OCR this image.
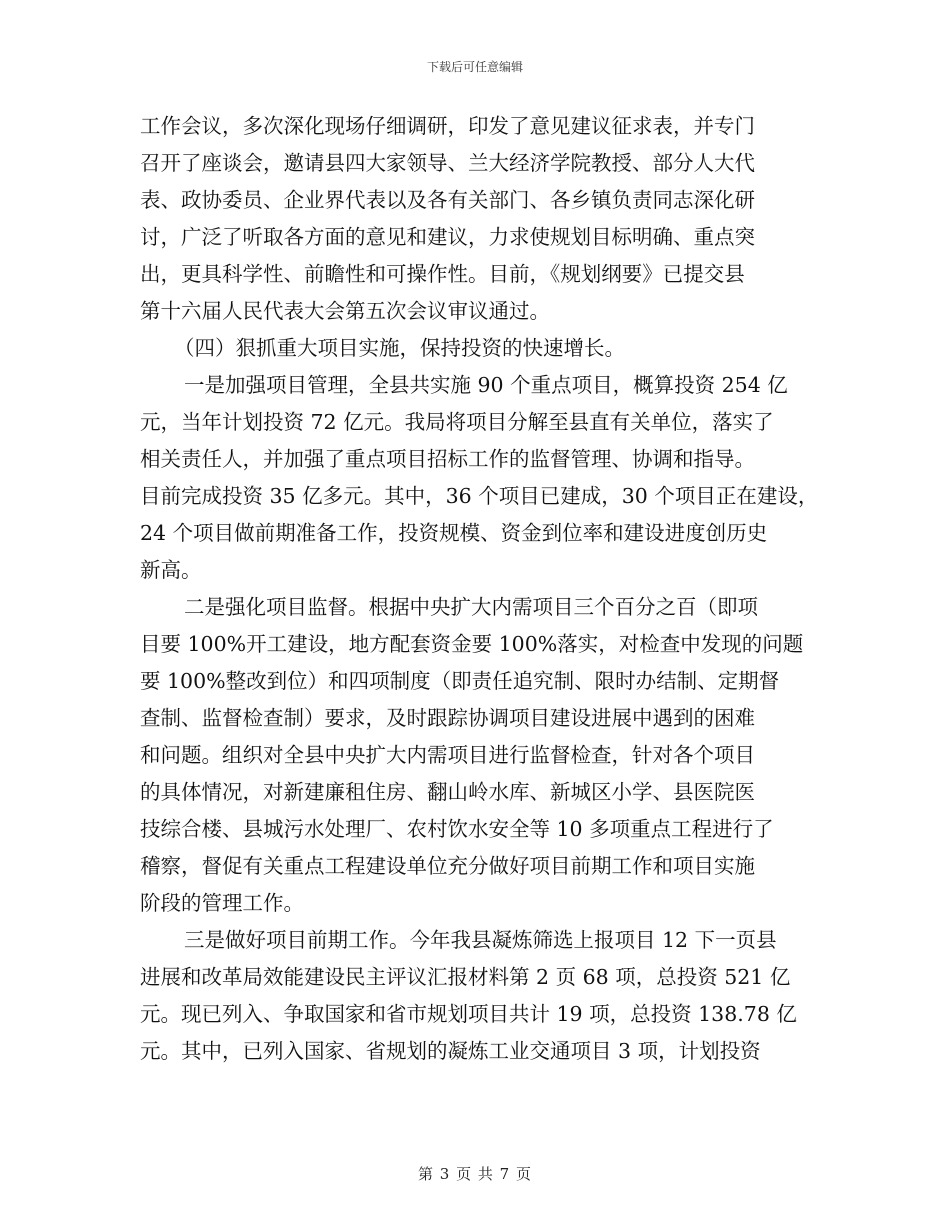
下载后可任意编辑
工作会议，多次深化现场仔细调研，印发了意见建议征求表，并专门
召开了座谈会，邀请县四大家领导、兰大经济学院教授、部分人大代
表、政协委员、企业界代表以及各有关部门、各乡镇负责同志深化研
讨，广泛了听取各方面的意见和建议，力求使规划目标明确、重点突
出，更具科学性、前瞻性和可操作性。目前，《规划纲要》已提交县
第十六届人民代表大会第五次会议审议通过。
（四）狠抓重大项目实施，保持投资的快速增长。
一是加强项目管理，全县共实施 90 个重点项目，概算投资 254 亿
元，当年计划投资 72 亿元。我局将项目分解至县直有关单位，落实了
相关责任人，并加强了重点项目招标工作的监督管理、协调和指导。
目前完成投资 35 亿多元。其中，36 个项目已建成，30 个项目正在建设，
24 个项目做前期准备工作，投资规模、资金到位率和建设进度创历史
新高。
二是强化项目监督。根据中央扩大内需项目三个百分之百（即项
目要 100%开工建设，地方配套资金要 100%落实，对检查中发现的问题
要 100%整改到位）和四项制度（即责任追究制、限时办结制、定期督
查制、监督检查制）要求，及时跟踪协调项目建设进展中遇到的困难
和问题。组织对全县中央扩大内需项目进行监督检查，针对各个项目
的具体情况，对新建廉租住房、翻山岭水库、新城区小学、县医院医
技综合楼、县城污水处理厂、农村饮水安全等 10 多项重点工程进行了
稽察，督促有关重点工程建设单位充分做好项目前期工作和项目实施
阶段的管理工作。
三是做好项目前期工作。今年我县凝炼筛选上报项目 12 下一页县
进展和改革局效能建设民主评议汇报材料第 2 页 68 项，总投资 521 亿
元。现已列入、争取国家和省市规划项目共计 19 项，总投资 138.78 亿
元。其中，已列入国家、省规划的凝炼工业交通项目 3 项，计划投资
第 3 页 共 7 页
